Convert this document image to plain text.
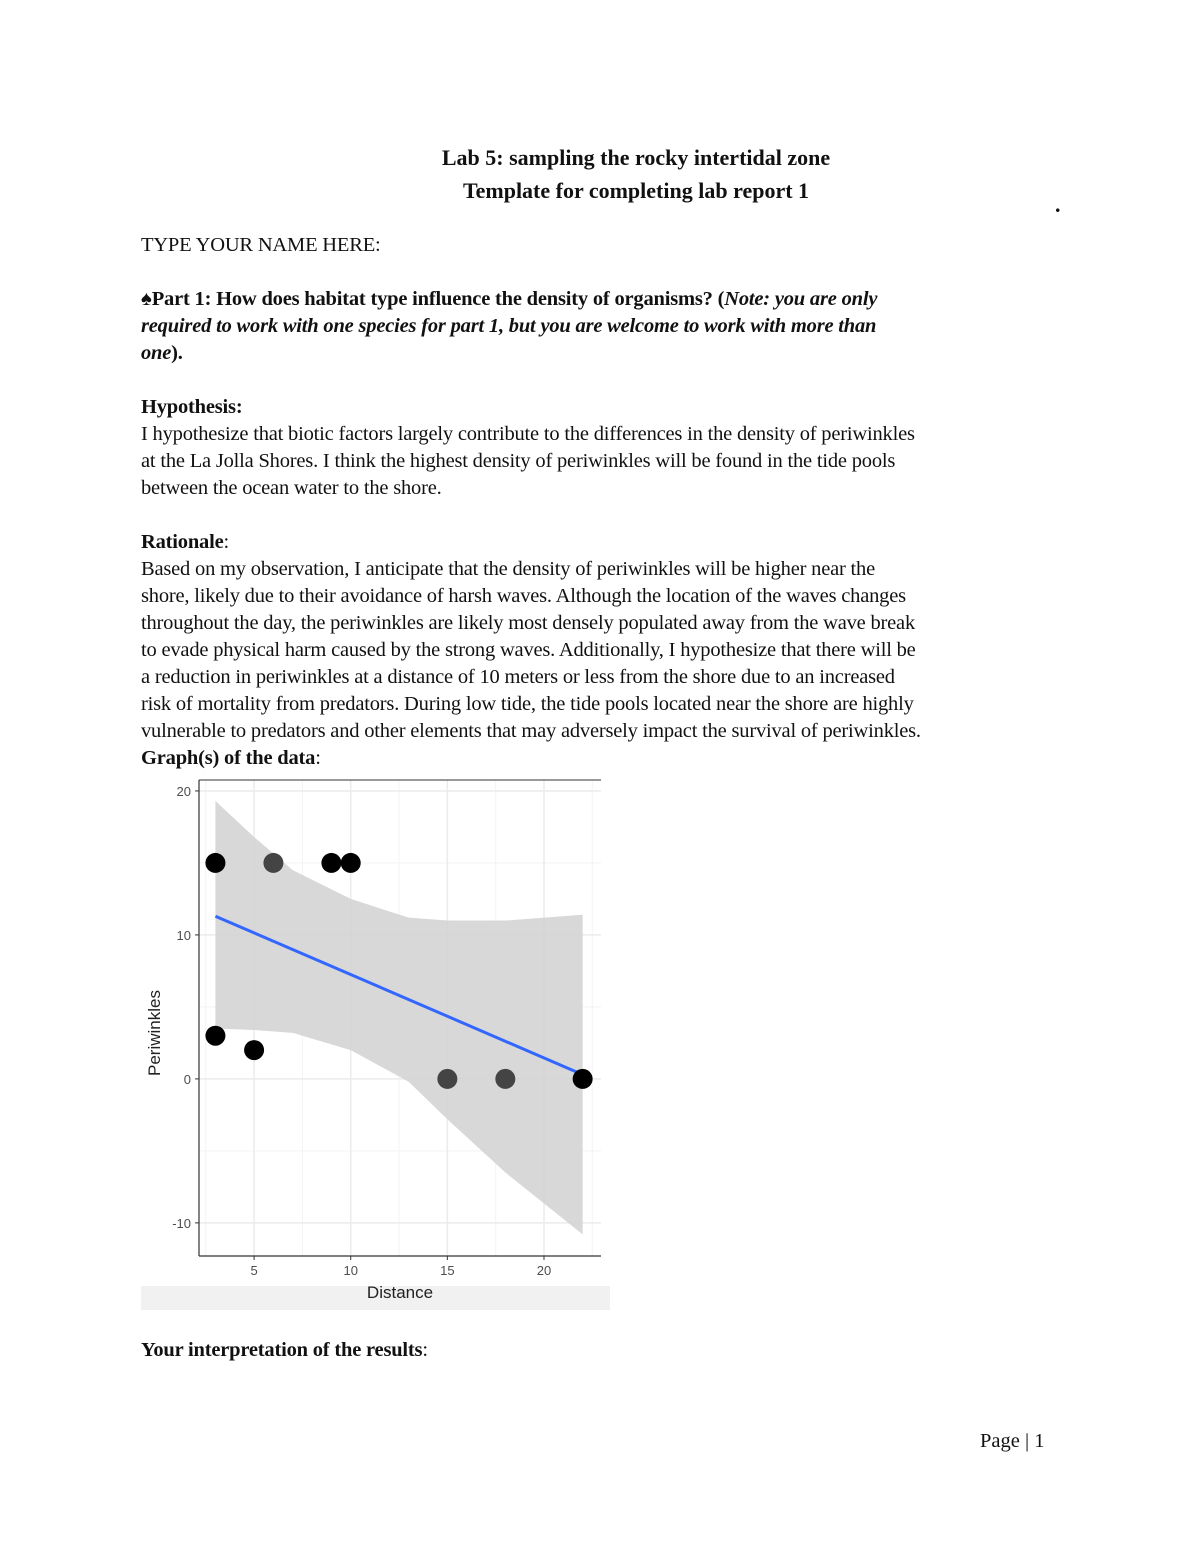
Lab 5: sampling the rocky intertidal zone
Template for completing lab report 1
.
TYPE YOUR NAME HERE:
♠Part 1: How does habitat type influence the density of organisms? (Note: you are only
required to work with one species for part 1, but you are welcome to work with more than
one).
Hypothesis:
I hypothesize that biotic factors largely contribute to the differences in the density of periwinkles
at the La Jolla Shores. I think the highest density of periwinkles will be found in the tide pools
between the ocean water to the shore.
Rationale:
Based on my observation, I anticipate that the density of periwinkles will be higher near the
shore, likely due to their avoidance of harsh waves. Although the location of the waves changes
throughout the day, the periwinkles are likely most densely populated away from the wave break
to evade physical harm caused by the strong waves. Additionally, I hypothesize that there will be
a reduction in periwinkles at a distance of 10 meters or less from the shore due to an increased
risk of mortality from predators. During low tide, the tide pools located near the shore are highly
vulnerable to predators and other elements that may adversely impact the survival of periwinkles.
Graph(s) of the data:
5	10	15	20
-10
0
10
20
Distance
Periwinkles
Your interpretation of the results:
Page | 1
